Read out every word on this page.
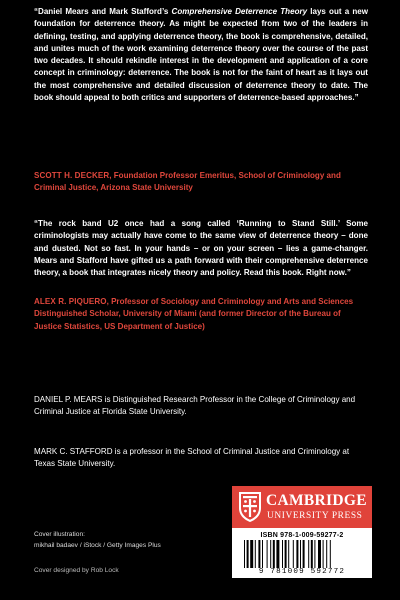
“Daniel Mears and Mark Stafford’s Comprehensive Deterrence Theory lays out a new foundation for deterrence theory. As might be expected from two of the leaders in defining, testing, and applying deterrence theory, the book is comprehensive, detailed, and unites much of the work examining deterrence theory over the course of the past two decades. It should rekindle interest in the development and application of a core concept in criminology: deterrence. The book is not for the faint of heart as it lays out the most comprehensive and detailed discussion of deterrence theory to date. The book should appeal to both critics and supporters of deterrence-based approaches.”

SCOTT H. DECKER, Foundation Professor Emeritus, School of Criminology and Criminal Justice, Arizona State University

“The rock band U2 once had a song called ‘Running to Stand Still.’ Some criminologists may actually have come to the same view of deterrence theory – done and dusted. Not so fast. In your hands – or on your screen – lies a game-changer. Mears and Stafford have gifted us a path forward with their comprehensive deterrence theory, a book that integrates nicely theory and policy. Read this book. Right now.”

ALEX R. PIQUERO, Professor of Sociology and Criminology and Arts and Sciences Distinguished Scholar, University of Miami (and former Director of the Bureau of Justice Statistics, US Department of Justice)

DANIEL P. MEARS is Distinguished Research Professor in the College of Criminology and Criminal Justice at Florida State University.

MARK C. STAFFORD is a professor in the School of Criminal Justice and Criminology at Texas State University.

Cover illustration:

mikhail badaev / iStock / Getty Images Plus

Cover designed by Rob Lock

CAMBRIDGE
UNIVERSITY PRESS
ISBN 978-1-009-59277-2
9 781009 592772
